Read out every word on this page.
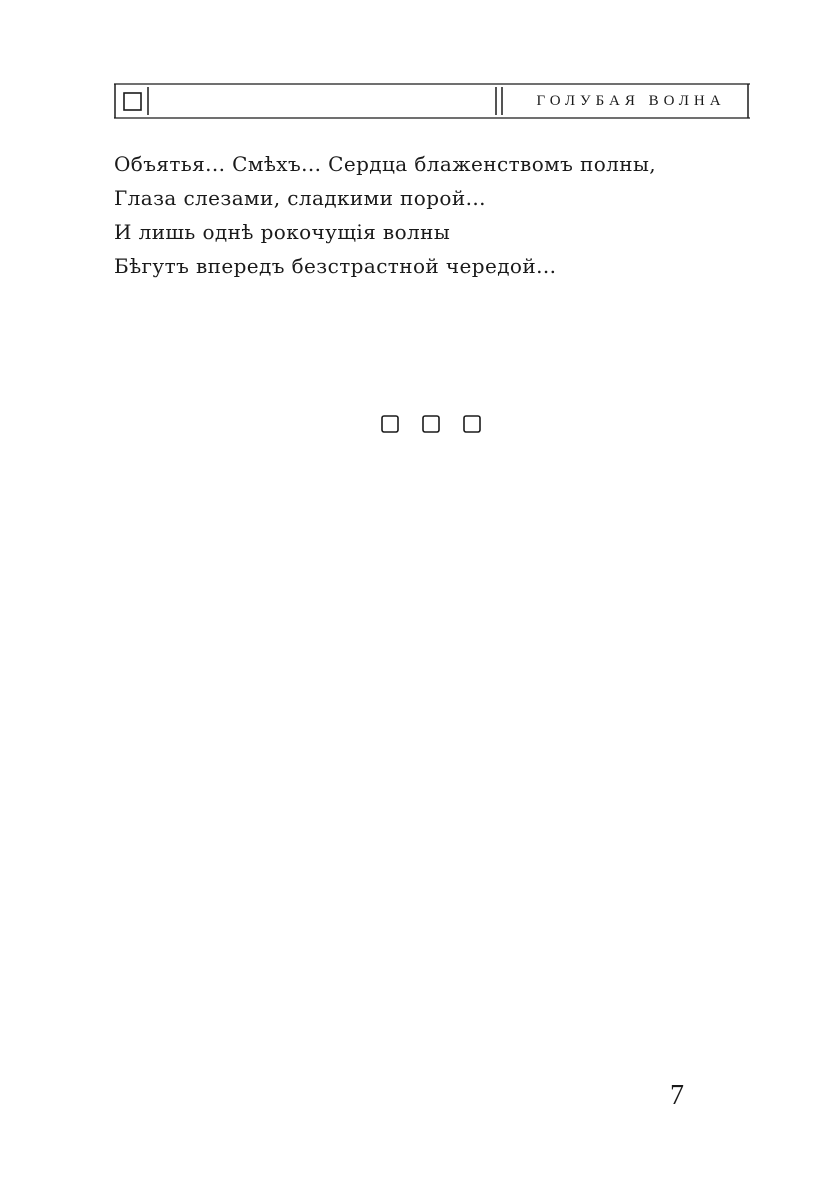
ГОЛУБАЯ ВОЛНА
Объятья... Смѣхъ... Сердца блаженствомъ полны,
Глаза слезами, сладкими порой...
И лишь однѣ рокочущія волны
Бѣгутъ впередъ безстрастной чередой...
7
